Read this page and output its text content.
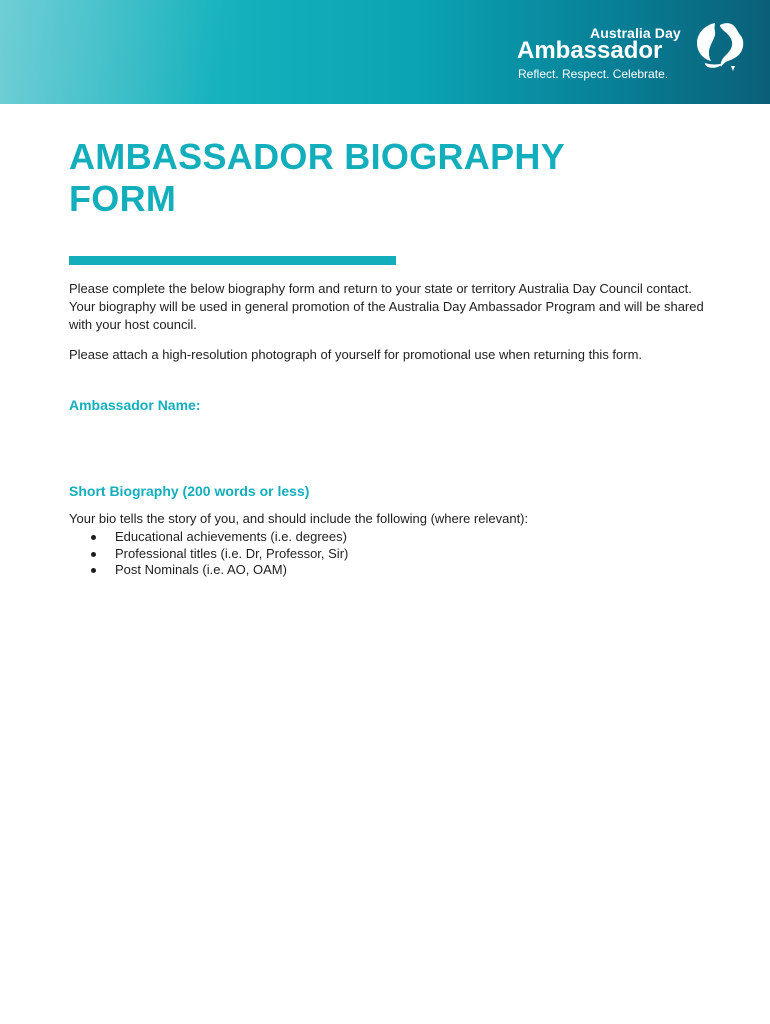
Australia Day
Ambassador
Reflect. Respect. Celebrate.
AMBASSADOR BIOGRAPHY
FORM

Please complete the below biography form and return to your state or territory Australia Day Council contact. Your biography will be used in general promotion of the Australia Day Ambassador Program and will be shared with your host council.

Please attach a high-resolution photograph of yourself for promotional use when returning this form.

Ambassador Name:
Short Biography (200 words or less)

Your bio tells the story of you, and should include the following (where relevant):

Educational achievements (i.e. degrees)
Professional titles (i.e. Dr, Professor, Sir)
Post Nominals (i.e. AO, OAM)
